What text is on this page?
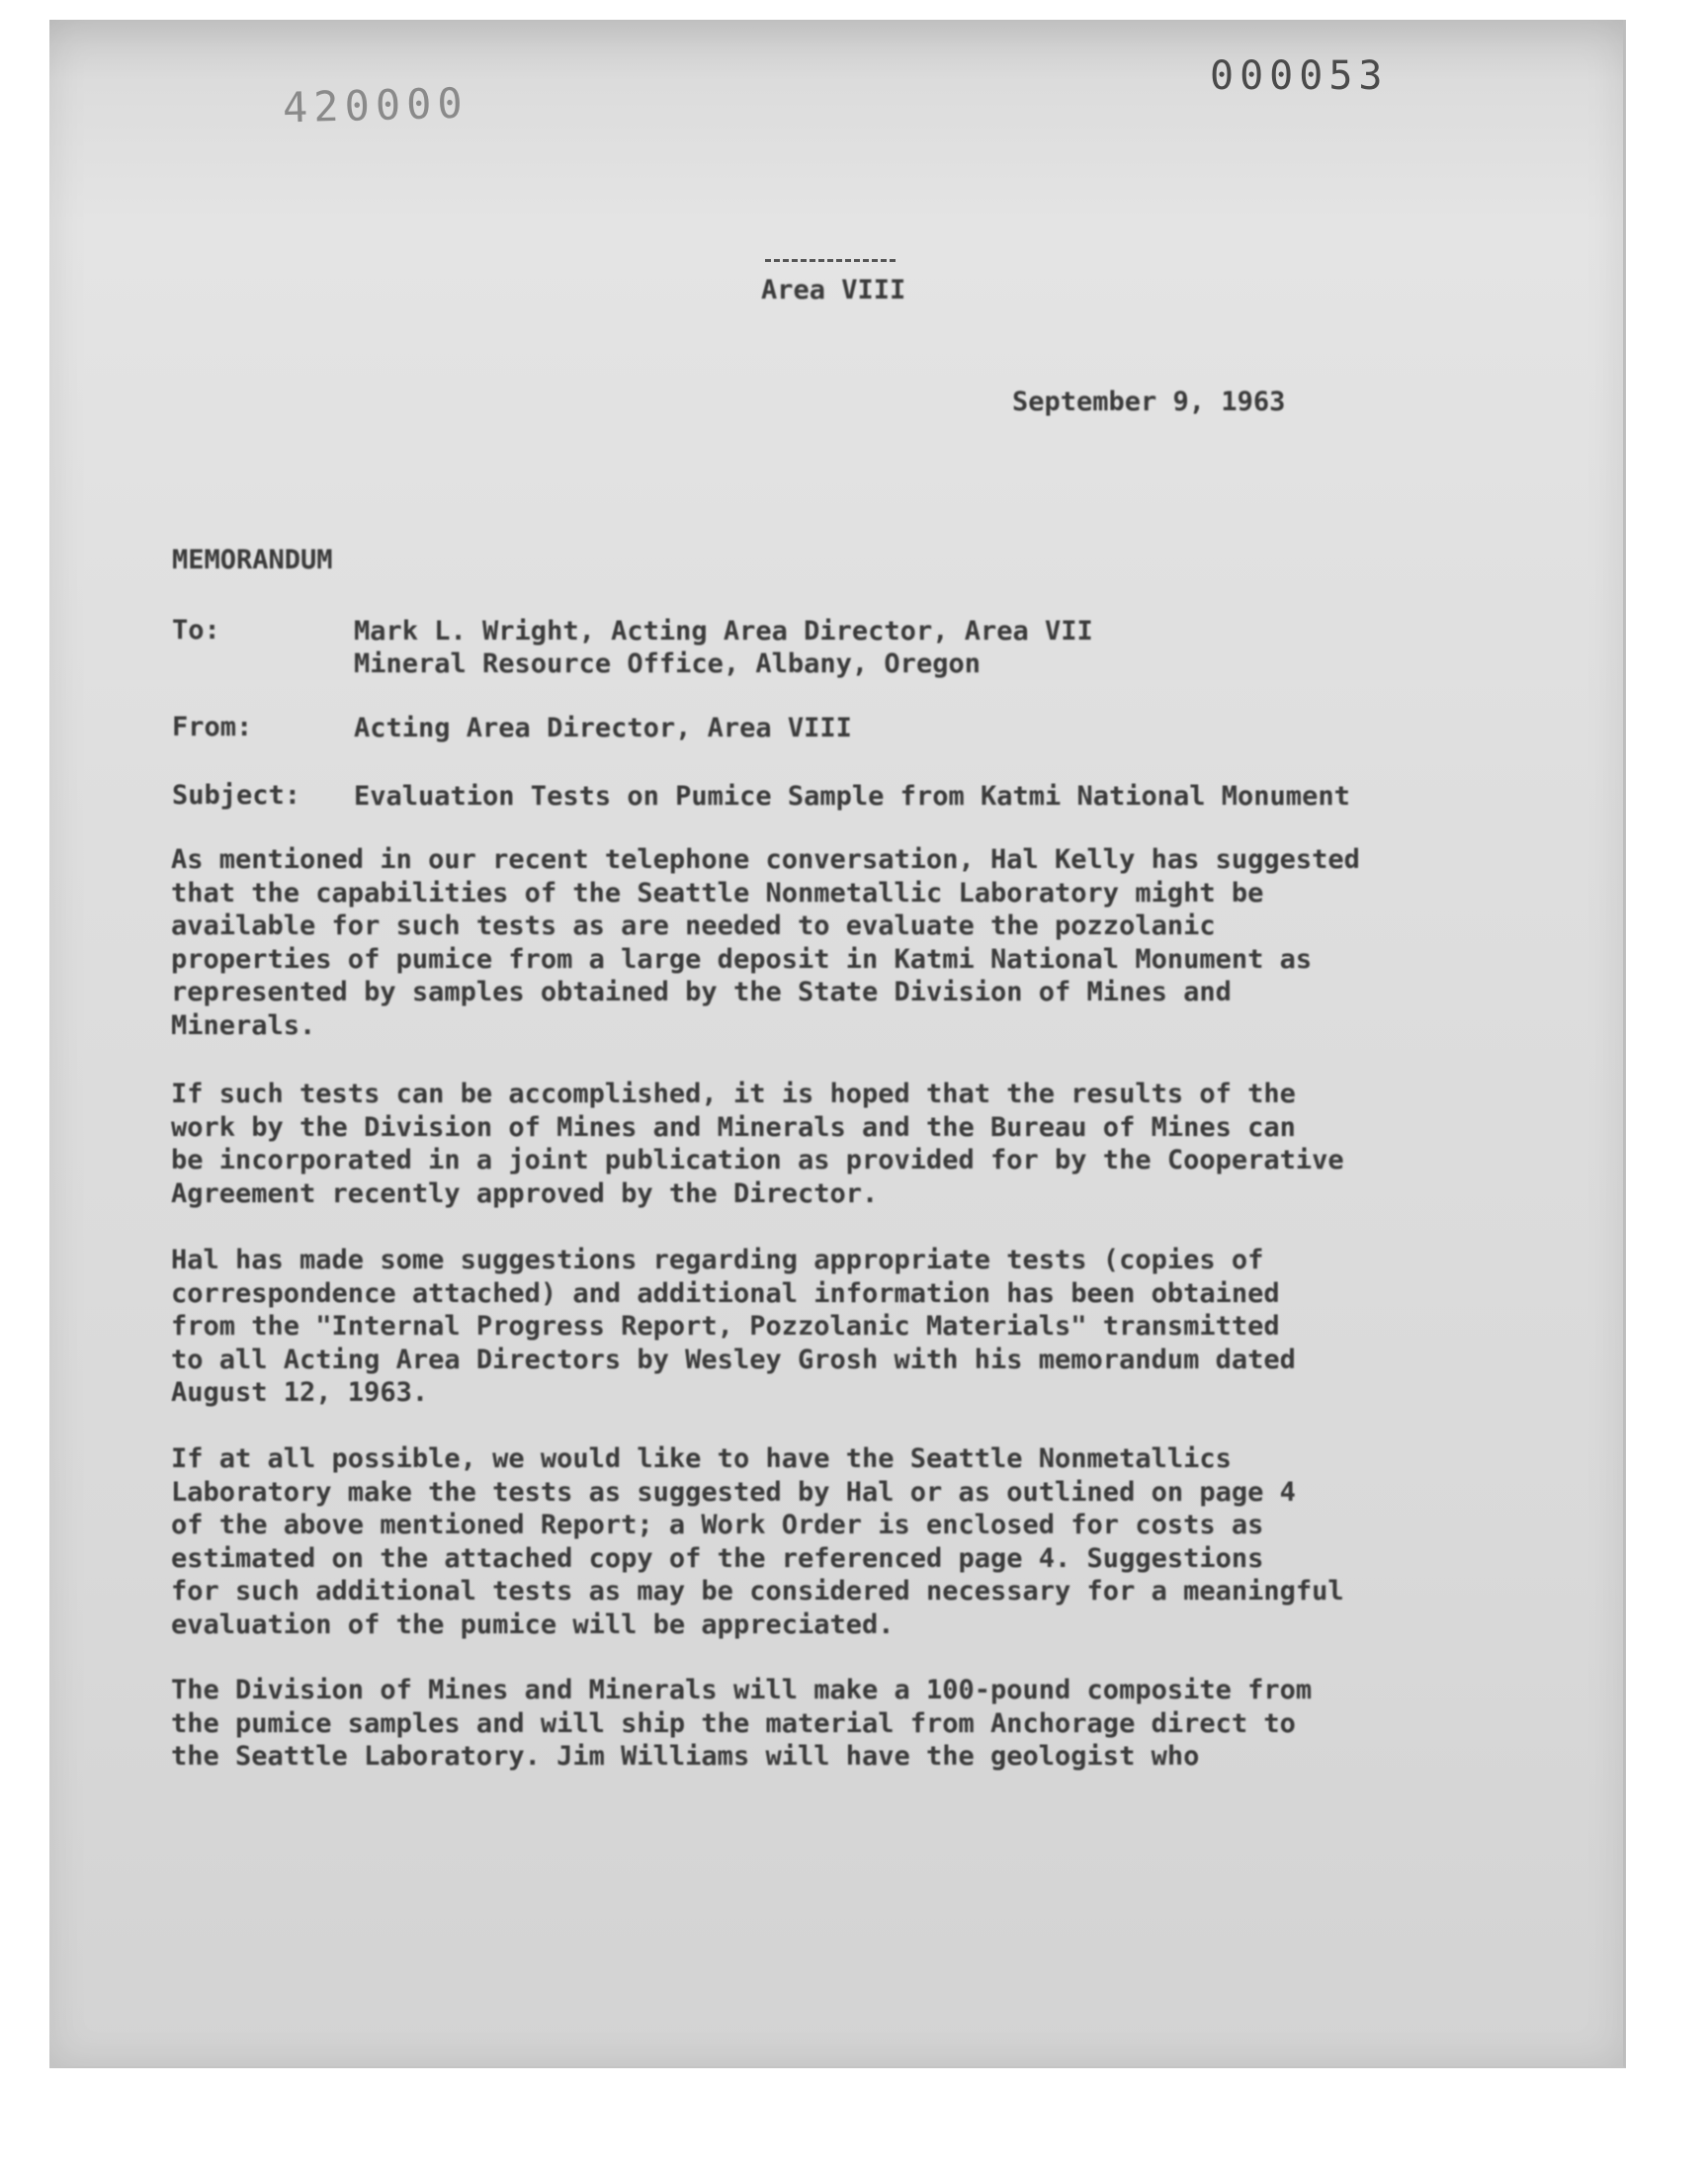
000053
420000
Area VIII
September 9, 1963
MEMORANDUM
To:	Mark L. Wright, Acting Area Director, Area VII
Mineral Resource Office, Albany, Oregon
From:	Acting Area Director, Area VIII
Subject: Evaluation Tests on Pumice Sample from Katmi National Monument

As mentioned in our recent telephone conversation, Hal Kelly has suggested
that the capabilities of the Seattle Nonmetallic Laboratory might be
available for such tests as are needed to evaluate the pozzolanic
properties of pumice from a large deposit in Katmi National Monument as
represented by samples obtained by the State Division of Mines and
Minerals.

If such tests can be accomplished, it is hoped that the results of the
work by the Division of Mines and Minerals and the Bureau of Mines can
be incorporated in a joint publication as provided for by the Cooperative
Agreement recently approved by the Director.

Hal has made some suggestions regarding appropriate tests (copies of
correspondence attached) and additional information has been obtained
from the "Internal Progress Report, Pozzolanic Materials" transmitted
to all Acting Area Directors by Wesley Grosh with his memorandum dated
August 12, 1963.

If at all possible, we would like to have the Seattle Nonmetallics
Laboratory make the tests as suggested by Hal or as outlined on page 4
of the above mentioned Report; a Work Order is enclosed for costs as
estimated on the attached copy of the referenced page 4. Suggestions
for such additional tests as may be considered necessary for a meaningful
evaluation of the pumice will be appreciated.

The Division of Mines and Minerals will make a 100-pound composite from
the pumice samples and will ship the material from Anchorage direct to
the Seattle Laboratory. Jim Williams will have the geologist who
